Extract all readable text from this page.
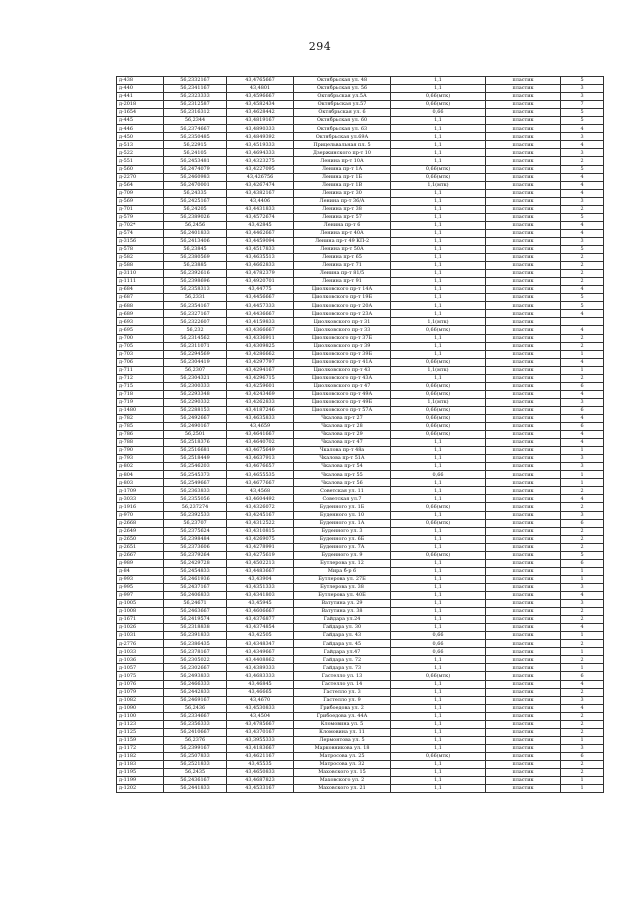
294
д-438	56,2332167	43,4765667	Октябрьская ул. 48	1,1	пластик	5
д-440	56,2341167	43,4801	Октябрьская ул. 56	1,1	пластик	3
д-441	56,2323333	43,4596667	Октябрьская ул.5А	0,66(мтк)	пластик	3
д-2018	56,2312587	43,4582434	Октябрьская ул.57	0,66(мтк)	пластик	7
д-1654	56,2316312	43,4628442	Октябрьская ул. 6	0,66	пластик	5
д-445	56,2344	43,4819167	Октябрьская ул. 60	1,1	пластик	5
д-446	56,2374667	43,4890333	Октябрьская ул. 63	1,1	пластик	4
д-450	56,2350485	43,4849392	Октябрьская ул.69А	1,1	пластик	3
д-513	56,22915	43,4519333	Прицельвальная пл. 5	1,1	пластик	4
д-522	56,24105	43,4694333	Дзержинского пр-т 10	1,1	пластик	3
д-551	56,2453481	43,4323275	Ленина пр-т 10А	1,1	пластик	2
д-560	56,2474079	43,4227095	Ленина пр-т 1А	0,66(мтк)	пластик	5
д-2270	56,2460983	43,426756	Ленина пр-т 1Б	0,66(мтк)	пластик	4
д-564	56,2470001	43,4267474	Ленина пр-т 1В	1,1(мтк)	пластик	4
д-709	56,24335	43,4382167	Ленина пр-т 30	1,1	пластик	4
д-569	56,2425167	43,4406	Ленина пр-т 36/A	1,1	пластик	3
д-701	56,24205	43,4431833	Ленина пр-т 38	1,1	пластик	2
д-579	56,2389026	43,4572674	Ленина пр-т 57	1,1	пластик	5
д-702*	56,2456	43,42845	Ленина пр-т 6	1,1	пластик	4
д-574	56,2401833	43,4462667	Ленина пр-т 40А	1,1	пластик	4
д-3156	56,2413406	43,4459094	Ленина пр-т 49 КП-2	1,1	пластик	3
д-578	56,23845	43,4517833	Ленина пр-т 50А	1,1	пластик	5
д-582	56,2380569	43,4635513	Ленина пр-т 65	1,1	пластик	2
д-588	56,23885	43,4662833	Ленина пр-т 71	1,1	пластик	2
д-3110	56,2392616	43,4782379	Ленина пр-т 81/5	1,1	пластик	2
д-1111	56,2398696	43,4920701	Ленина пр-т 91	1,1	пластик	2
д-684	56,2358313	43,44775	Циолковского пр-т 14А	1,1	пластик	4
д-687	56,2331	43,4456667	Циолковского пр-т 19Б	1,1	пластик	5
д-688	56,2354167	43,4457333	Циолковского пр-т 20А	1,1	пластик	5
д-689	56,2327167	43,4436667	Циолковского пр-т 23А	1,1	пластик	4
д-693	56,2322607	43,4159833	Циолковского пр-т 31	1,1(мтк)	пластик	
д-695	56,232	43,4366667	Циолковского пр-т 33	0,66(мтк)	пластик	4
д-700	56,2314562	43,4336911	Циолковского пр-т 37Б	1,1	пластик	2
д-705	56,2311071	43,4309825	Циолковского пр-т 39	1,1	пластик	2
д-703	56,2294569	43,4286662	Циолковского пр-т 39Б	1,1	пластик	1
д-706	56,2304419	43,4297797	Циолковского пр-т 41А	0,66(мтк)	пластик	4
д-711	56,2307	43,4294167	Циолковского пр-т 43	1,1(мтк)	пластик	1
д-712	56,2304321	43,4296715	Циолковского пр-т 43А	1,1	пластик	2
д-715	56,2300333	43,4259601	Циолковского пр-т 47	0,66(мтк)	пластик	6
д-718	56,2293348	43,4243469	Циолковского пр-т 49А	0,66(мтк)	пластик	4
д-719	56,2290332	43,4262833	Циолковского пр-т 49Б	1,1(мтк)	пластик	3
д-1480	56,2288153	43,4187246	Циолковского пр-т 57А	0,66(мтк)	пластик	6
д-782	56,2492667	43,4635833	Чкалова пр-т 27	0,66(мтк)	пластик	4
д-785	56,2490167	43,4659	Чкалова пр-т 28	0,66(мтк)	пластик	6
д-786	56,2501	43,4641667	Чкалова пр-т 29	0,66(мтк)	пластик	4
д-788	56,2518376	43,4640702	Чкалова пр-т 47	1,1	пластик	4
д-790	56,2516681	43,4675649	Чкалова пр-т 48а	1,1	пластик	1
д-793	56,2518449	43,4637913	Чкалова пр-т 51А	1,1	пластик	3
д-802	56,2546203	43,4676657	Чкалова пр-т 54	1,1	пластик	3
д-804	56,2545373	43,4655535	Чкалова пр-т 55	0,66	пластик	1
д-803	56,2549667	43,4677667	Чкалова пр-т 56	1,1	пластик	1
д-1709	56,2363833	43,4568	Советская ул. 11	1,1	пластик	2
д-3033	56,2355056	43,4604492	Советская ул.7	1,1	пластик	4
д-1916	56,237274	43,4326072	Буденного ул. 1Б	0,66(мтк)	пластик	2
д-970	56,2392533	43,4245167	Буденного ул. 10	1,1	пластик	3
д-2668	56,23707	43,4312522	Буденного ул. 1А	0,66(мтк)	пластик	6
д-2649	56,2375624	43,4310815	Буденного ул. 3	1,1	пластик	2
д-2650	56,2398484	43,4269075	Буденного ул. 6Б	1,1	пластик	2
д-2651	56,2373606	43,4278991	Буденного ул. 7А	1,1	пластик	2
д-2667	56,2379264	43,4275619	Буденного ул. 9	0,66(мтк)	пластик	5
д-989	56,2429728	43,4502213	Бутлерова ул. 12	1,1	пластик	6
д-84	56,2454833	43,4483667	Мира б-р 6	1,1	пластик	1
д-993	56,2461936	43,43904	Бутлерова ул. 27Б	1,1	пластик	1
д-995	56,2437167	43,4351333	Бутлерова ул. 38	1,1	пластик	3
д-997	56,2406833	43,4341803	Бутлерова ул. 40Б	1,1	пластик	4
д-1005	56,24671	43,45945	Ватутина ул. 29	1,1	пластик	3
д-1008	56,2463667	43,4606667	Ватутина ул. 38	1,1	пластик	2
д-1671	56,2419574	43,4376877	Гайдара ул.24	1,1	пластик	2
д-1026	56,2318838	43,4374854	Гайдара ул. 30	1,1	пластик	4
д-1031	56,2391833	43,42505	Гайдара ул. 43	0,66	пластик	1
д-2776	56,2386435	43,4348347	Гайдара ул. 45	0,66	пластик	2
д-1033	56,2378167	43,4349667	Гайдара ул.47	0,66	пластик	1
д-1036	56,2305022	43,4408862	Гайдара ул. 72	1,1	пластик	2
д-1057	56,2302667	43,4389333	Гайдара ул. 73	1,1	пластик	1
д-1075	56,2493833	43,4683333	Гастелло ул. 13	0,66(мтк)	пластик	6
д-1076	56,2466333	43,46845	Гастелло ул. 14	1,1	пластик	4
д-1079	56,2442833	43,46665	Гастелло ул. 3	1,1	пластик	2
д-1082	56,2469167	43,4670	Гастелло ул. 9	1,1	пластик	3
д-1090	56,2436	43,4530833	Грибоедова ул. 2	1,1	пластик	4
д-1100	56,2334667	43,4504	Грибоедова ул. 44А	1,1	пластик	2
д-1123	56,2356333	43,4785667	Кломовина ул. 5	1,1	пластик	2
д-1125	56,2410667	43,4370167	Кломовина ул. 11	1,1	пластик	2
д-1159	56,2376	43,3955333	Лермонтова ул. 5	1,1	пластик	1
д-1172	56,2399167	43,4183667	Марковникова ул. 18	1,1	пластик	3
д-1182	56,2507833	43,4621167	Матросова ул. 25	0,66(мтк)	пластик	6
д-1183	56,2521833	43,45535	Матросова ул. 32	1,1	пластик	2
д-1195	56,2435	43,4650833	Маховского ул. 15	1,1	пластик	2
д-1199	56,2436167	43,4687823	Маховского ул. 2	1,1	пластик	1
д-1202	56,2441833	43,4533167	Маховского ул. 21	1,1	пластик	1
